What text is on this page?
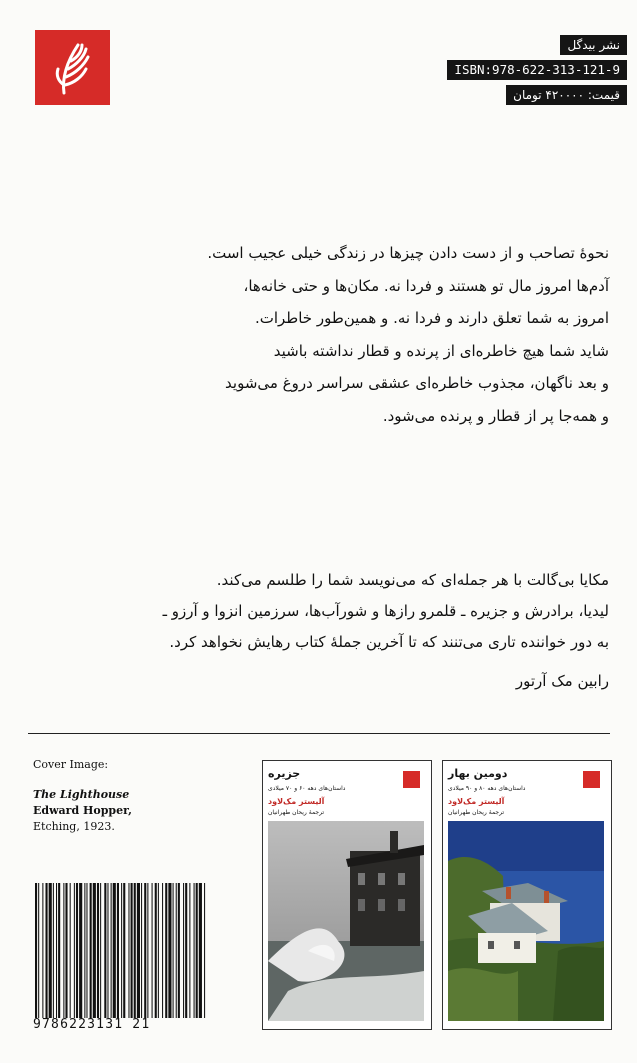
نشر بیدگل
ISBN:978-622-313-121-9
قیمت: ۴۲۰۰۰۰ تومان
نحوهٔ تصاحب و از دست دادن چیزها در زندگی خیلی عجیب است.
آدم‌ها امروز مال تو هستند و فردا نه. مکان‌ها و حتی خانه‌ها،
امروز به شما تعلق دارند و فردا نه. و همین‌طور خاطرات.
شاید شما هیچ خاطره‌ای از پرنده و قطار نداشته باشید
و بعد ناگهان، مجذوب خاطره‌ای عشقی سراسر دروغ می‌شوید
و همه‌جا پر از قطار و پرنده می‌شود.
مکایا بی‌گالت با هر جمله‌ای که می‌نویسد شما را طلسم می‌کند.
لیدیا، برادرش و جزیره ـ قلمرو رازها و شورآب‌ها، سرزمین انزوا و آرزو ـ
به دور خواننده تاری می‌تنند که تا آخرین جملهٔ کتاب رهایش نخواهد کرد.
رابین مک آرتور
Cover Image:
The Lighthouse
Edward Hopper,
Etching, 1923.
9786223131 21
جزیره
داستان‌های دهه ۶۰ و ۷۰ میلادی
آلیستر مک‌لاود
ترجمهٔ ریحان طهرانیان
دومین بهار
داستان‌های دهه ۸۰ و ۹۰ میلادی
آلیستر مک‌لاود
ترجمهٔ ریحان طهرانیان
